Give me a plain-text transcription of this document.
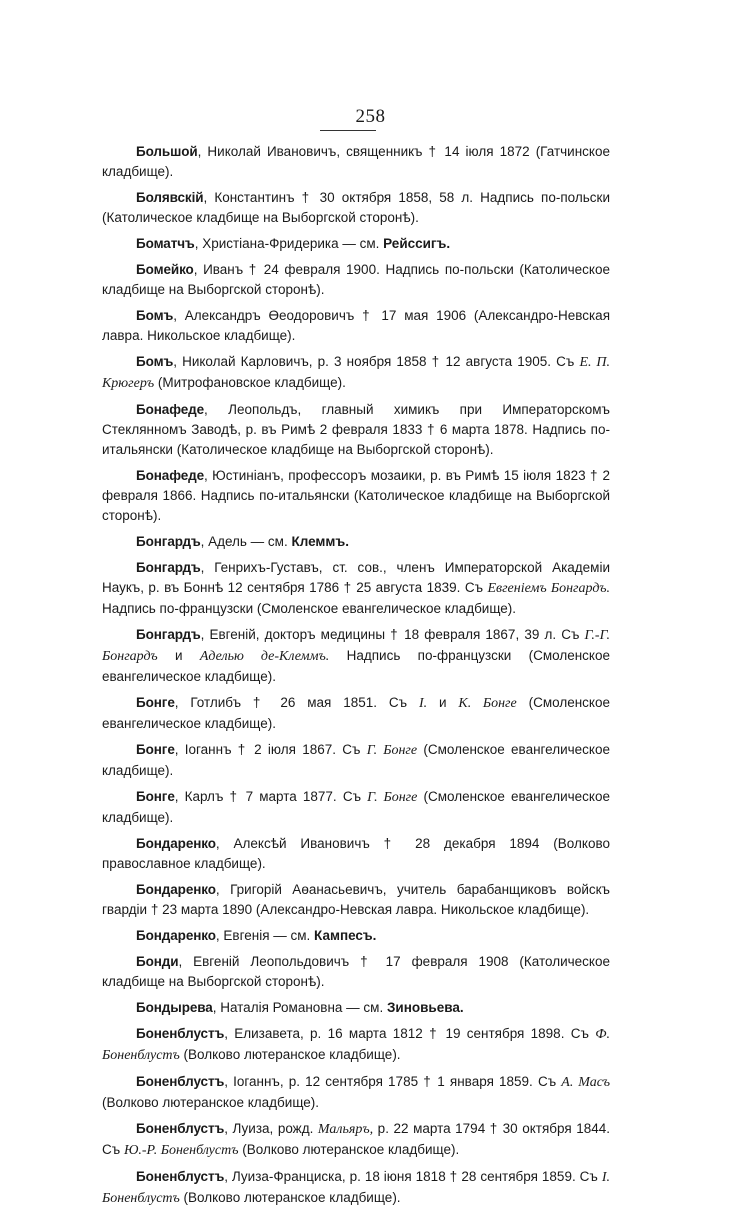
258

Большой, Николай Ивановичъ, священникъ † 14 іюля 1872 (Гатчинское кладбище).

Болявскій, Константинъ † 30 октября 1858, 58 л. Надпись по-польски (Католическое кладбище на Выборгской сторонѣ).

Боматчъ, Христіана-Фридерика — см. Рейссигъ.

Бомейко, Иванъ † 24 февраля 1900. Надпись по-польски (Католическое кладбище на Выборгской сторонѣ).

Бомъ, Александръ Өеодоровичъ † 17 мая 1906 (Александро-Невская лавра. Никольское кладбище).

Бомъ, Николай Карловичъ, р. 3 ноября 1858 † 12 августа 1905. Съ Е. П. Крюгеръ (Митрофановское кладбище).

Бонафеде, Леопольдъ, главный химикъ при Императорскомъ Стеклянномъ Заводѣ, р. въ Римѣ 2 февраля 1833 † 6 марта 1878. Надпись по-итальянски (Католическое кладбище на Выборгской сторонѣ).

Бонафеде, Юстиніанъ, профессоръ мозаики, р. въ Римѣ 15 іюля 1823 † 2 февраля 1866. Надпись по-итальянски (Католическое кладбище на Выборгской сторонѣ).

Бонгардъ, Адель — см. Клеммъ.

Бонгардъ, Генрихъ-Густавъ, ст. сов., членъ Императорской Академіи Наукъ, р. въ Боннѣ 12 сентября 1786 † 25 августа 1839. Съ Евгеніемъ Бонгардъ. Надпись по-французски (Смоленское евангелическое кладбище).

Бонгардъ, Евгеній, докторъ медицины † 18 февраля 1867, 39 л. Съ Г.-Г. Бонгардъ и Аделью де-Клеммъ. Надпись по-французски (Смоленское евангелическое кладбище).

Бонге, Готлибъ † 26 мая 1851. Съ І. и К. Бонге (Смоленское евангелическое кладбище).

Бонге, Іоганнъ † 2 іюля 1867. Съ Г. Бонге (Смоленское евангелическое кладбище).

Бонге, Карлъ † 7 марта 1877. Съ Г. Бонге (Смоленское евангелическое кладбище).

Бондаренко, Алексѣй Ивановичъ † 28 декабря 1894 (Волково православное кладбище).

Бондаренко, Григорій Аөанасьевичъ, учитель барабанщиковъ войскъ гвардіи † 23 марта 1890 (Александро-Невская лавра. Никольское кладбище).

Бондаренко, Евгенія — см. Кампесъ.

Бонди, Евгеній Леопольдовичъ † 17 февраля 1908 (Католическое кладбище на Выборгской сторонѣ).

Бондырева, Наталія Романовна — см. Зиновьева.

Боненблустъ, Елизавета, р. 16 марта 1812 † 19 сентября 1898. Съ Ф. Боненблустъ (Волково лютеранское кладбище).

Боненблустъ, Іоганнъ, р. 12 сентября 1785 † 1 января 1859. Съ А. Масъ (Волково лютеранское кладбище).

Боненблустъ, Луиза, рожд. Мальяръ, р. 22 марта 1794 † 30 октября 1844. Съ Ю.-Р. Боненблустъ (Волково лютеранское кладбище).

Боненблустъ, Луиза-Франциска, р. 18 іюня 1818 † 28 сентября 1859. Съ І. Боненблустъ (Волково лютеранское кладбище).
